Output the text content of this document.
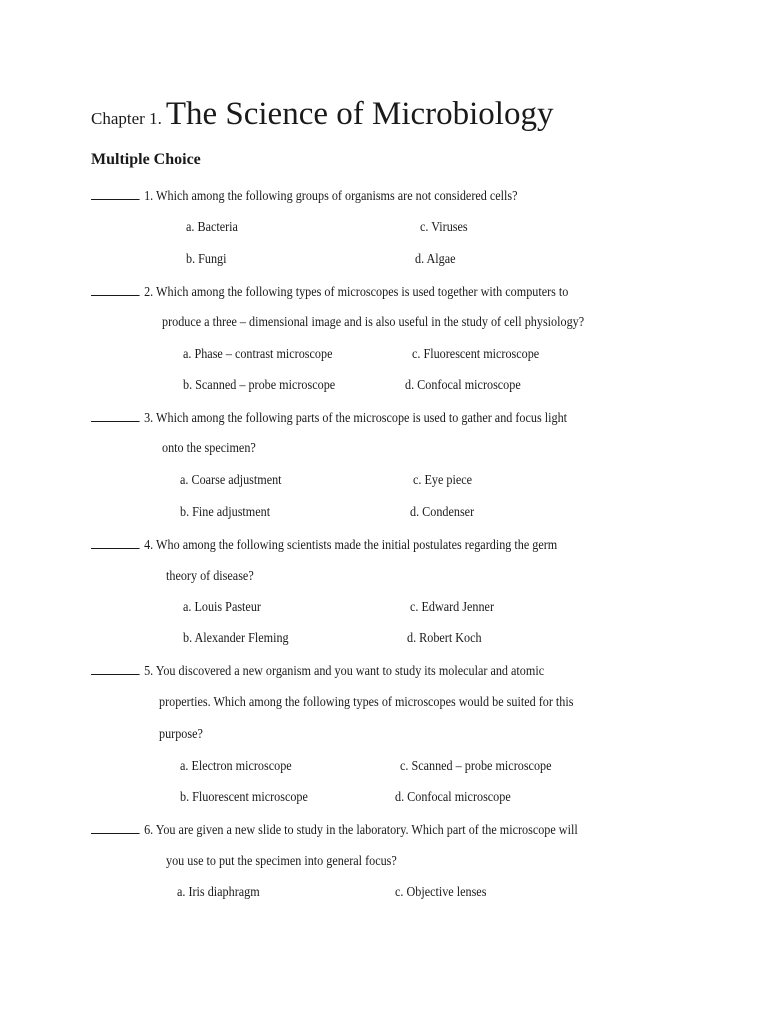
Chapter 1. The Science of Microbiology
Multiple Choice
1. Which among the following groups of organisms are not considered cells?
a. Bacteria	c. Viruses
b. Fungi	d. Algae
2. Which among the following types of microscopes is used together with computers to
produce a three – dimensional image and is also useful in the study of cell physiology?
a. Phase – contrast microscope	c. Fluorescent microscope
b. Scanned – probe microscope	d. Confocal microscope
3. Which among the following parts of the microscope is used to gather and focus light
onto the specimen?
a. Coarse adjustment	c. Eye piece
b. Fine adjustment	d. Condenser
4. Who among the following scientists made the initial postulates regarding the germ
theory of disease?
a. Louis Pasteur	c. Edward Jenner
b. Alexander Fleming	d. Robert Koch
5. You discovered a new organism and you want to study its molecular and atomic
properties. Which among the following types of microscopes would be suited for this
purpose?
a. Electron microscope	c. Scanned – probe microscope
b. Fluorescent microscope	d. Confocal microscope
6. You are given a new slide to study in the laboratory. Which part of the microscope will
you use to put the specimen into general focus?
a. Iris diaphragm	c. Objective lenses
